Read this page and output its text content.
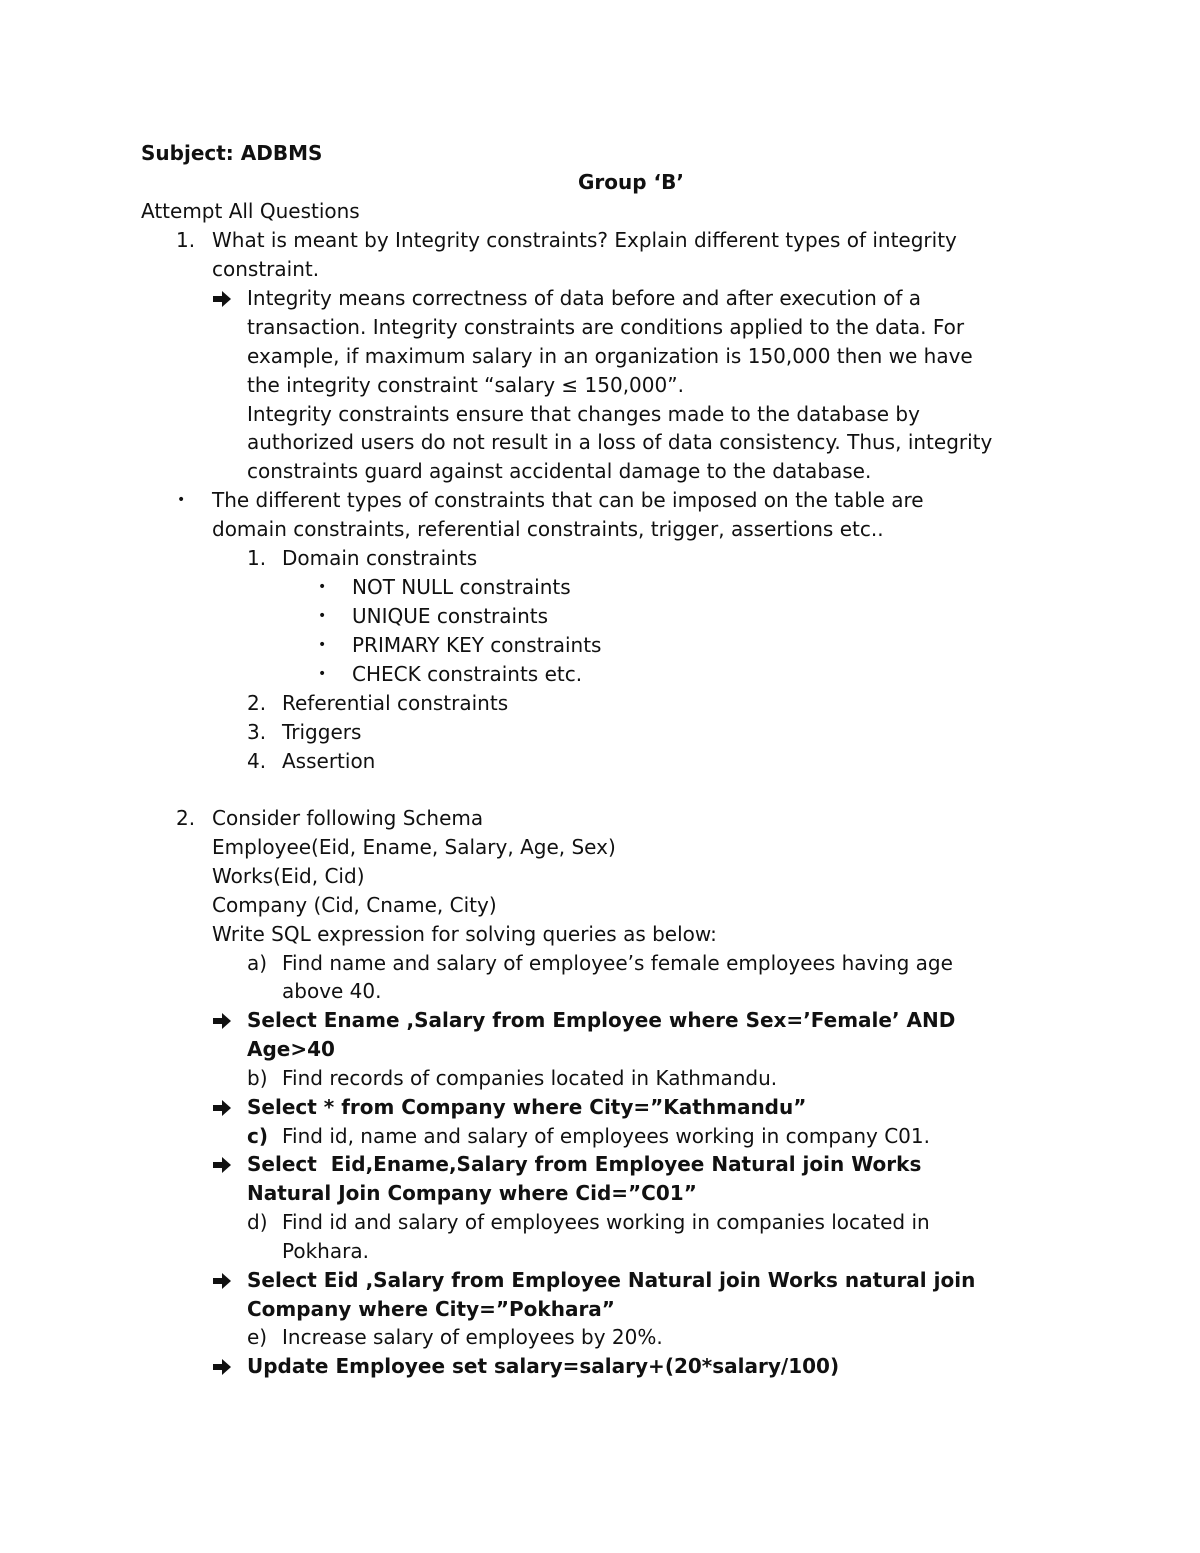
Subject: ADBMS
Group ‘B’
Attempt All Questions
1. What is meant by Integrity constraints? Explain different types of integrity
constraint.
Integrity means correctness of data before and after execution of a
transaction. Integrity constraints are conditions applied to the data. For
example, if maximum salary in an organization is 150,000 then we have
the integrity constraint “salary ≤ 150,000”.
Integrity constraints ensure that changes made to the database by
authorized users do not result in a loss of data consistency. Thus, integrity
constraints guard against accidental damage to the database.
• The different types of constraints that can be imposed on the table are
domain constraints, referential constraints, trigger, assertions etc..
1. Domain constraints
• NOT NULL constraints
• UNIQUE constraints
• PRIMARY KEY constraints
• CHECK constraints etc.
2. Referential constraints
3. Triggers
4. Assertion
2. Consider following Schema
Employee(Eid, Ename, Salary, Age, Sex)
Works(Eid, Cid)
Company (Cid, Cname, City)
Write SQL expression for solving queries as below:
a) Find name and salary of employee’s female employees having age
above 40.
Select Ename ,Salary from Employee where Sex=’Female’ AND
Age>40
b) Find records of companies located in Kathmandu.
Select * from Company where City=”Kathmandu”
c) Find id, name and salary of employees working in company C01.
Select  Eid,Ename,Salary from Employee Natural join Works
Natural Join Company where Cid=”C01”
d) Find id and salary of employees working in companies located in
Pokhara.
Select Eid ,Salary from Employee Natural join Works natural join
Company where City=”Pokhara”
e) Increase salary of employees by 20%.
Update Employee set salary=salary+(20*salary/100)
